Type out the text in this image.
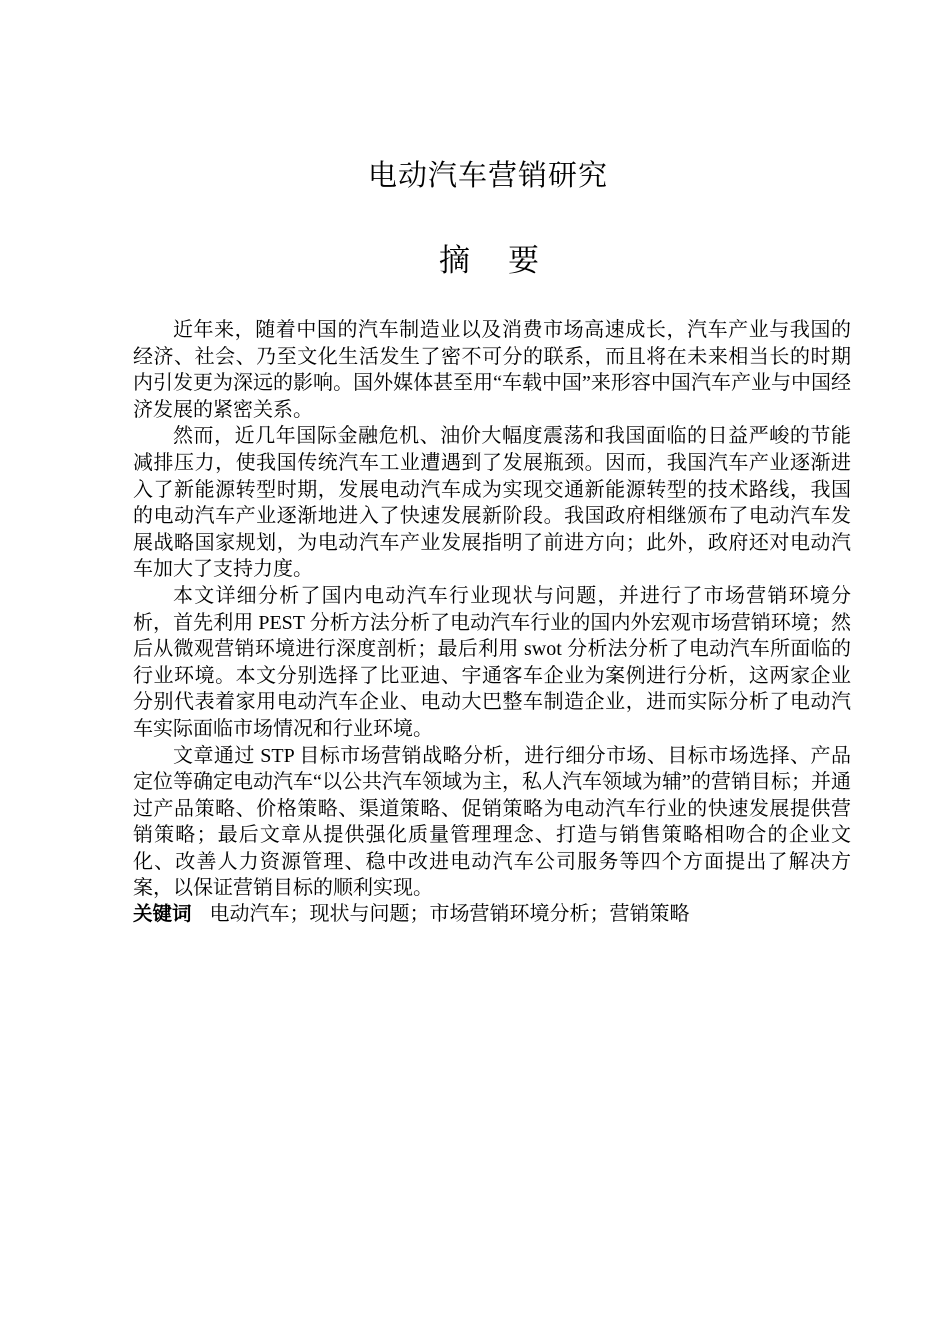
电动汽车营销研究
摘 要

近年来，随着中国的汽车制造业以及消费市场高速成长，汽车产业与我国的经济、社会、乃至文化生活发生了密不可分的联系，而且将在未来相当长的时期内引发更为深远的影响。国外媒体甚至用“车载中国”来形容中国汽车产业与中国经济发展的紧密关系。

然而，近几年国际金融危机、油价大幅度震荡和我国面临的日益严峻的节能减排压力，使我国传统汽车工业遭遇到了发展瓶颈。因而，我国汽车产业逐渐进入了新能源转型时期，发展电动汽车成为实现交通新能源转型的技术路线，我国的电动汽车产业逐渐地进入了快速发展新阶段。我国政府相继颁布了电动汽车发展战略国家规划，为电动汽车产业发展指明了前进方向；此外，政府还对电动汽车加大了支持力度。

本文详细分析了国内电动汽车行业现状与问题，并进行了市场营销环境分析，首先利用 PEST 分析方法分析了电动汽车行业的国内外宏观市场营销环境；然后从微观营销环境进行深度剖析；最后利用 swot 分析法分析了电动汽车所面临的行业环境。本文分别选择了比亚迪、宇通客车企业为案例进行分析，这两家企业分别代表着家用电动汽车企业、电动大巴整车制造企业，进而实际分析了电动汽车实际面临市场情况和行业环境。

文章通过 STP 目标市场营销战略分析，进行细分市场、目标市场选择、产品定位等确定电动汽车“以公共汽车领域为主，私人汽车领域为辅”的营销目标；并通过产品策略、价格策略、渠道策略、促销策略为电动汽车行业的快速发展提供营销策略；最后文章从提供强化质量管理理念、打造与销售策略相吻合的企业文化、改善人力资源管理、稳中改进电动汽车公司服务等四个方面提出了解决方案，以保证营销目标的顺利实现。

关键词 电动汽车；现状与问题；市场营销环境分析；营销策略
